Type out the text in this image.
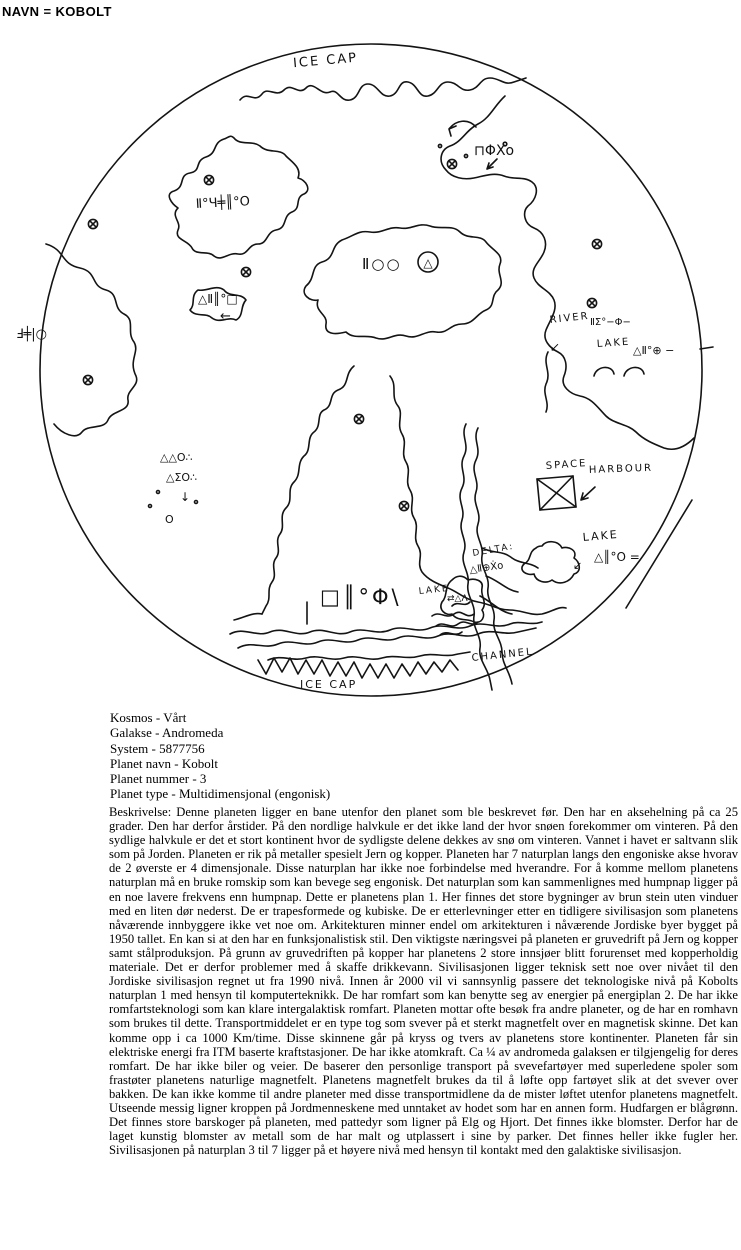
NAVN = KOBOLT
ICE CAP
Ⅱ°Ч╪║°O
Ⅎ╪|○
△Ⅱ║°□
←
Ⅱ○○ △
⊓ΦXo
RIVER ⅡΣ°−Φ−
↙	LAKE
△Ⅱ°⊕ −
SPACE HARBOUR
□║°Φ\
DELTA:
△Ⅱ⊕Ẋo
LAKE
⇄△Λ
LAKE
△║°O =
↙
CHANNEL
ICE CAP
△△O∴
△ΣO∴
↓
O
Kosmos - Vårt
Galakse - Andromeda
System - 5877756
Planet navn - Kobolt
Planet nummer - 3
Planet type - Multidimensjonal (engonisk)
Beskrivelse: Denne planeten ligger en bane utenfor den planet som ble beskrevet før. Den har en aksehelning på ca 25 grader. Den har derfor årstider. På den nordlige halvkule er det ikke land der hvor snøen forekommer om vinteren. På den sydlige halvkule er det et stort kontinent hvor de sydligste delene dekkes av snø om vinteren. Vannet i havet er saltvann slik som på Jorden. Planeten er rik på metaller spesielt Jern og kopper. Planeten har 7 naturplan langs den engoniske akse hvorav de 2 øverste er 4 dimensjonale. Disse naturplan har ikke noe forbindelse med hverandre. For å komme mellom planetens naturplan må en bruke romskip som kan bevege seg engonisk. Det naturplan som kan sammenlignes med humpnap ligger på en noe lavere frekvens enn humpnap. Dette er planetens plan 1. Her finnes det store bygninger av brun stein uten vinduer med en liten dør nederst. De er trapesformede og kubiske. De er etterlevninger etter en tidligere sivilisasjon som planetens nåværende innbyggere ikke vet noe om. Arkitekturen minner endel om arkitekturen i nåværende Jordiske byer bygget på 1950 tallet. En kan si at den har en funksjonalistisk stil. Den viktigste næringsvei på planeten er gruvedrift på Jern og kopper samt stålproduksjon. På grunn av gruvedriften på kopper har planetens 2 store innsjøer blitt forurenset med kopperholdig materiale. Det er derfor problemer med å skaffe drikkevann. Sivilisasjonen ligger teknisk sett noe over nivået til den Jordiske sivilisasjon regnet ut fra 1990 nivå. Innen år 2000 vil vi sannsynlig passere det teknologiske nivå på Kobolts naturplan 1 med hensyn til komputerteknikk. De har romfart som kan benytte seg av energier på energiplan 2. De har ikke romfartsteknologi som kan klare intergalaktisk romfart. Planeten mottar ofte besøk fra andre planeter, og de har en romhavn som brukes til dette. Transportmiddelet er en type tog som svever på et sterkt magnetfelt over en magnetisk skinne. Det kan komme opp i ca 1000 Km/time. Disse skinnene går på kryss og tvers av planetens store kontinenter. Planeten får sin elektriske energi fra ITM baserte kraftstasjoner. De har ikke atomkraft. Ca ¼ av andromeda galaksen er tilgjengelig for deres romfart. De har ikke biler og veier. De baserer den personlige transport på svevefartøyer med superledene spoler som frastøter planetens naturlige magnetfelt. Planetens magnetfelt brukes da til å løfte opp fartøyet slik at det svever over bakken. De kan ikke komme til andre planeter med disse transportmidlene da de mister løftet utenfor planetens magnetfelt. Utseende messig ligner kroppen på Jordmenneskene med unntaket av hodet som har en annen form. Hudfargen er blågrønn. Det finnes store barskoger på planeten, med pattedyr som ligner på Elg og Hjort. Det finnes ikke blomster. Derfor har de laget kunstig blomster av metall som de har malt og utplassert i sine by parker. Det finnes heller ikke fugler her. Sivilisasjonen på naturplan 3 til 7 ligger på et høyere nivå med hensyn til kontakt med den galaktiske sivilisasjon.
